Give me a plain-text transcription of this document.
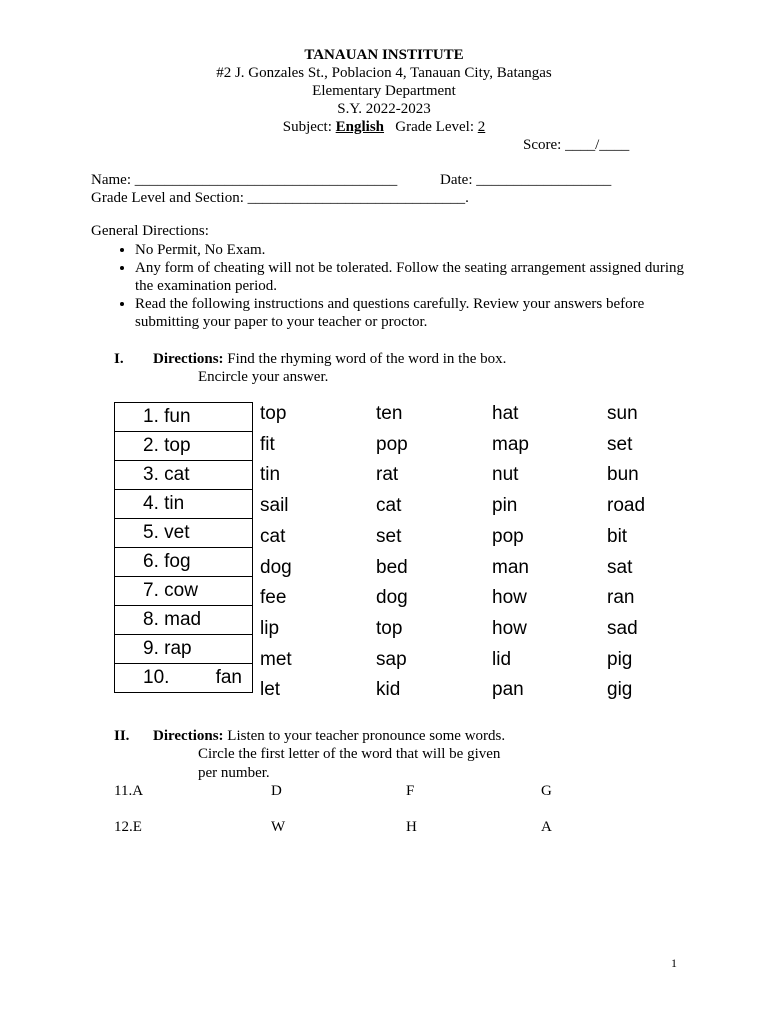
TANAUAN INSTITUTE
#2 J. Gonzales St., Poblacion 4, Tanauan City, Batangas
Elementary Department
S.Y. 2022-2023
Subject: English Grade Level: 2
Score: ____/____
Name: ___________________________________	Date: __________________
Grade Level and Section: _____________________________.
General Directions:
• No Permit, No Exam.
• Any form of cheating will not be tolerated. Follow the seating arrangement assigned during the examination period.
• Read the following instructions and questions carefully. Review your answers before submitting your paper to your teacher or proctor.
I. Directions: Find the rhyming word of the word in the box.
Encircle your answer.
1. fun
2. top
3. cat
4. tin
5. vet
6. fog
7. cow
8. mad
9. rap
10. fan
top	ten	hat	sun
fit	pop	map	set
tin	rat	nut	bun
sail	cat	pin	road
cat	set	pop	bit
dog	bed	man	sat
fee	dog	how	ran
lip	top	how	sad
met	sap	lid	pig
let	kid	pan	gig
II. Directions: Listen to your teacher pronounce some words.
Circle the first letter of the word that will be given
per number.
11.A	D	F	G
12.E	W	H	A
1
